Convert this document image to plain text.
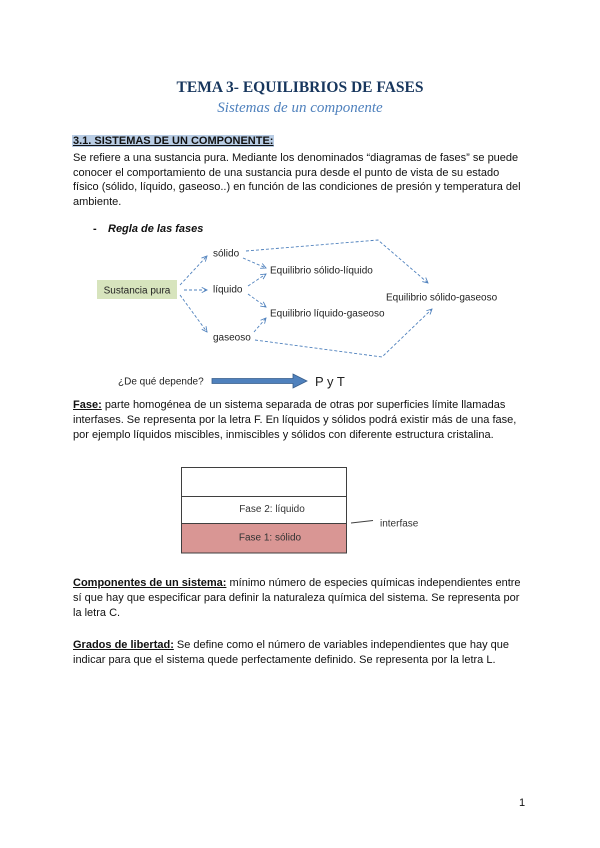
TEMA 3- EQUILIBRIOS DE FASES
Sistemas de un componente
3.1. SISTEMAS DE UN COMPONENTE:
Se refiere a una sustancia pura. Mediante los denominados “diagramas de fases” se puede
conocer el comportamiento de una sustancia pura desde el punto de vista de su estado
físico (sólido, líquido, gaseoso..) en función de las condiciones de presión y temperatura del
ambiente.
- Regla de las fases
Sustancia pura
sólido
líquido
gaseoso
Equilibrio sólido-líquido
Equilibrio líquido-gaseoso
Equilibrio sólido-gaseoso
¿De qué depende?	P y T
Fase: parte homogénea de un sistema separada de otras por superficies límite llamadas
interfases. Se representa por la letra F. En líquidos y sólidos podrá existir más de una fase,
por ejemplo líquidos miscibles, inmiscibles y sólidos con diferente estructura cristalina.
Fase 2: líquido
Fase 1: sólido
interfase
Componentes de un sistema: mínimo número de especies químicas independientes entre
sí que hay que especificar para definir la naturaleza química del sistema. Se representa por
la letra C.
Grados de libertad: Se define como el número de variables independientes que hay que
indicar para que el sistema quede perfectamente definido. Se representa por la letra L.
1
